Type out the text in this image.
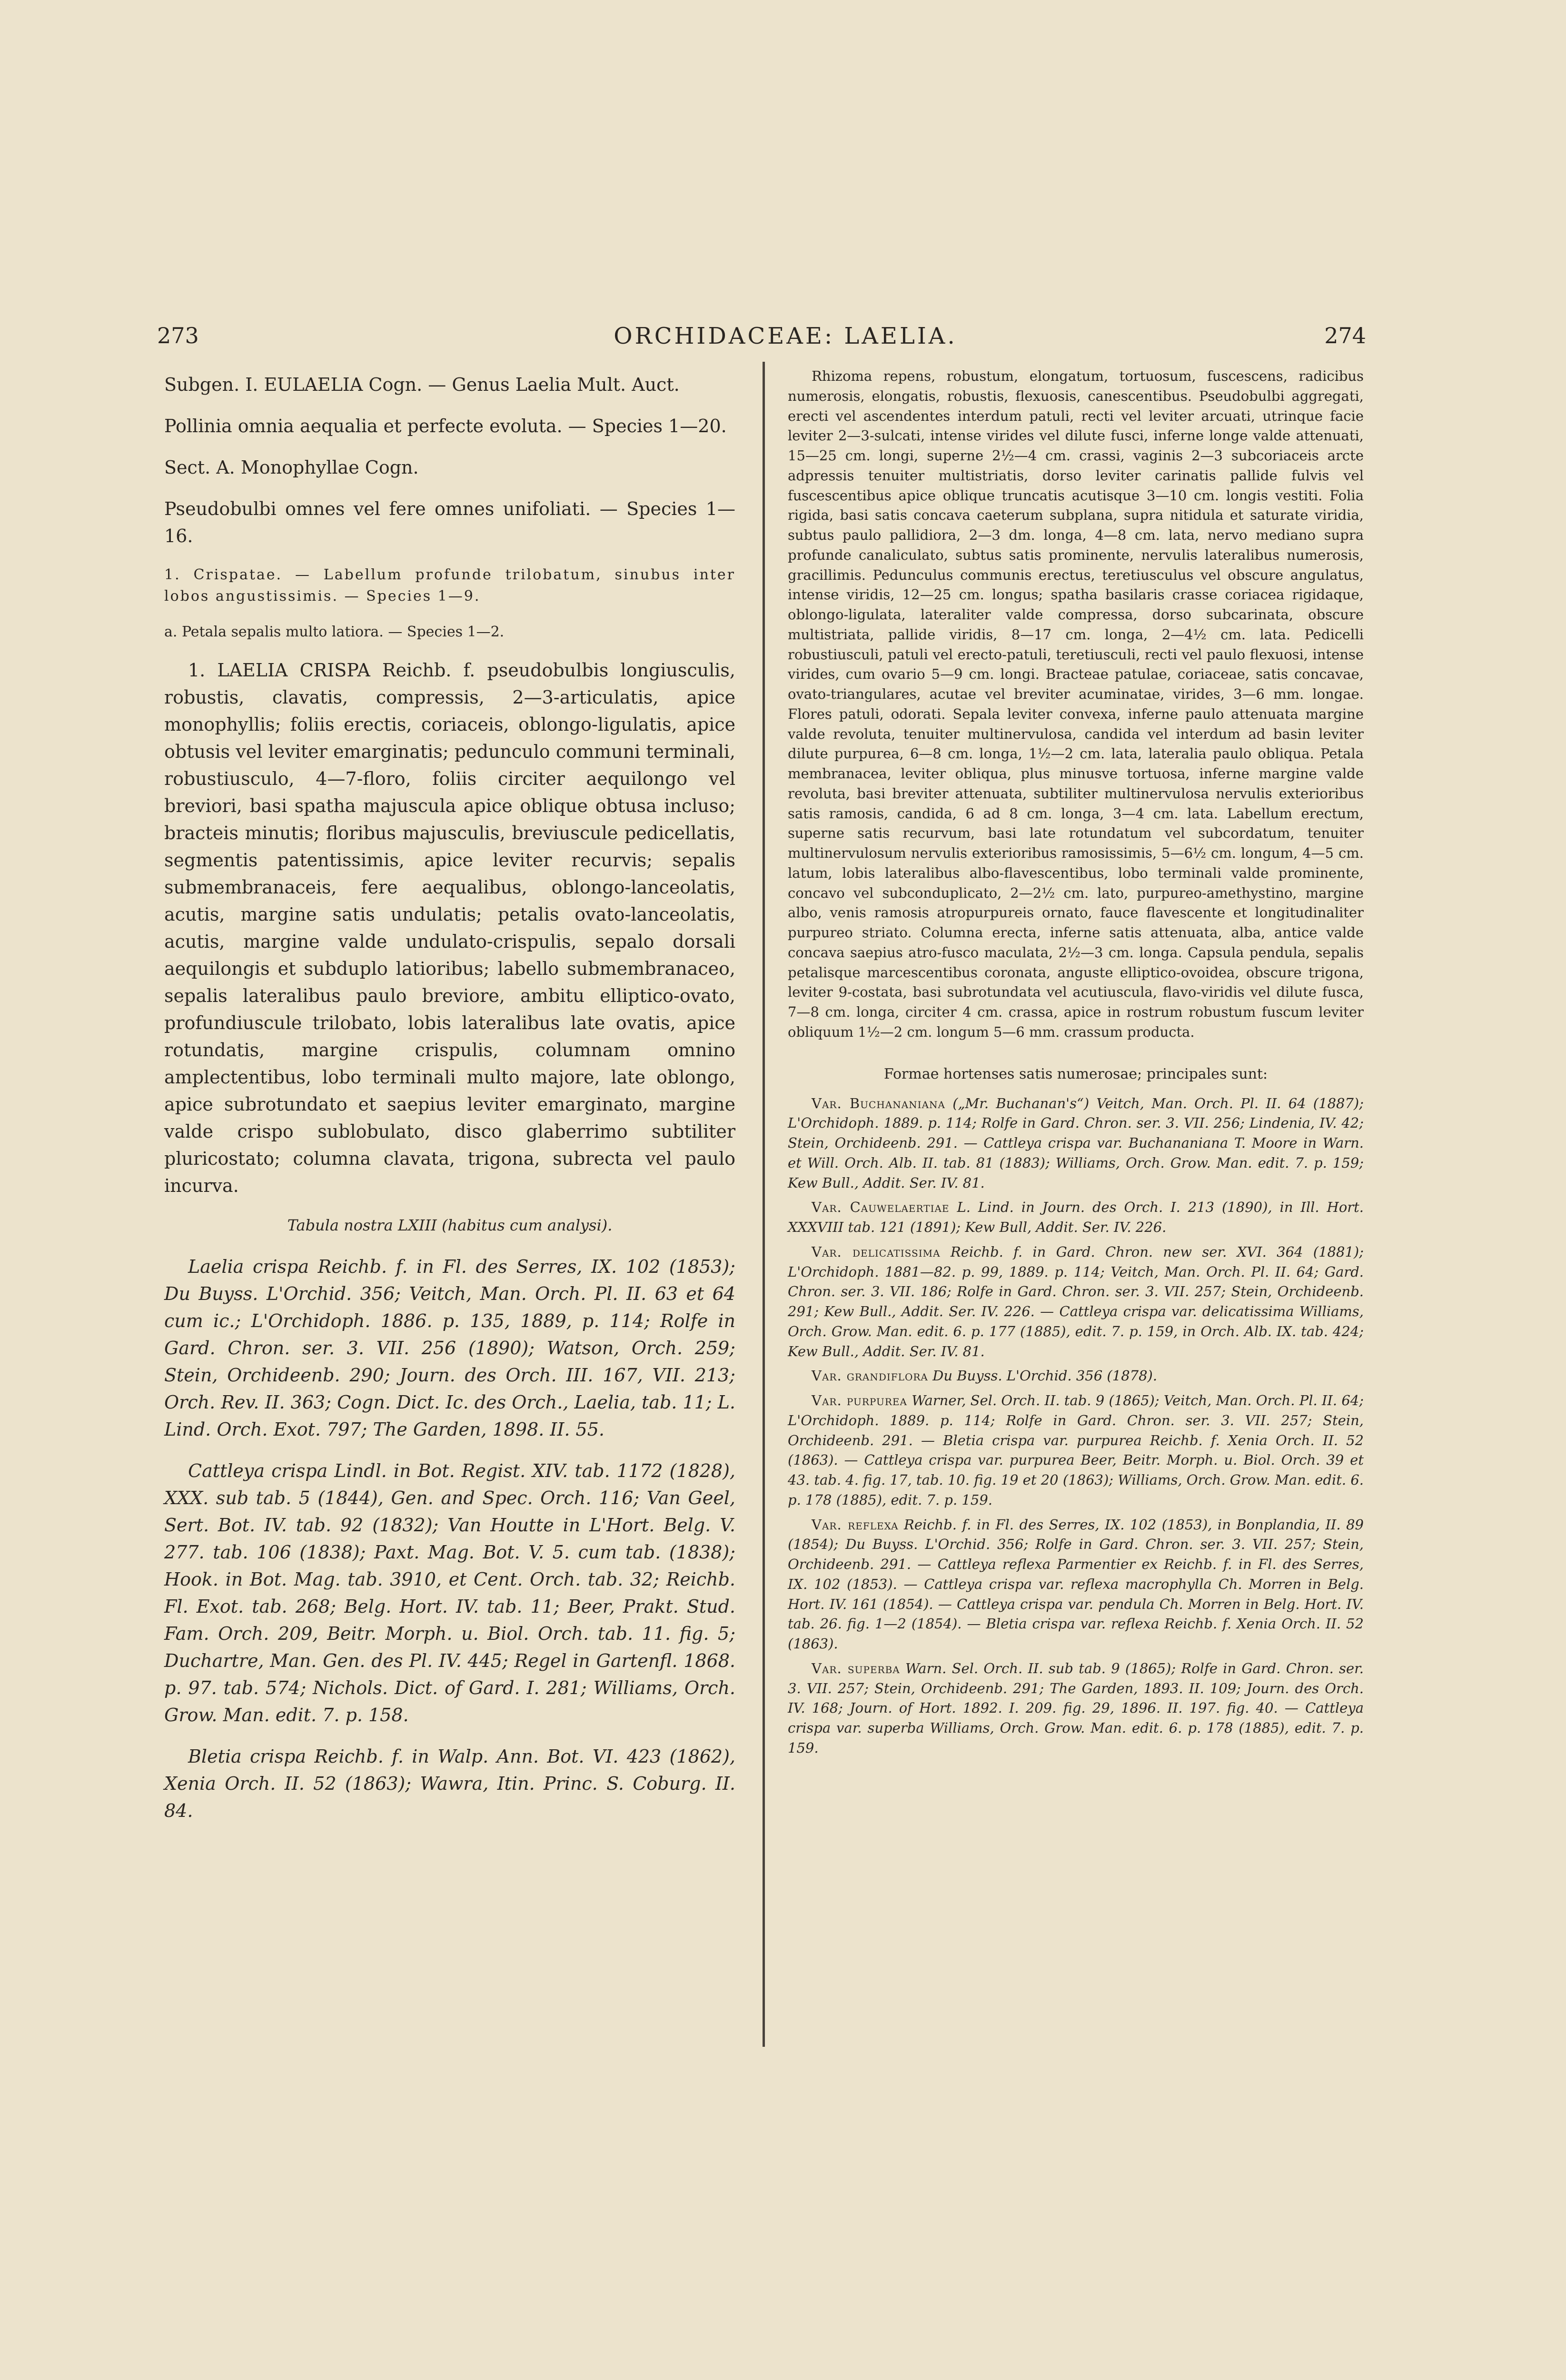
273	ORCHIDACEAE: LAELIA.	274

Subgen. I. EULAELIA Cogn. — Genus Laelia Mult. Auct.

Pollinia omnia aequalia et perfecte evoluta. — Species 1—20.

Sect. A. Monophyllae Cogn.

Pseudobulbi omnes vel fere omnes unifoliati. — Species 1—16.

1. Crispatae. — Labellum profunde trilobatum, sinubus inter lobos angustissimis. — Species 1—9.

a. Petala sepalis multo latiora. — Species 1—2.

1. LAELIA CRISPA Reichb. f. pseudobulbis longiusculis, robustis, clavatis, compressis, 2—3-articulatis, apice monophyllis; foliis erectis, coriaceis, oblongo-ligulatis, apice obtusis vel leviter emarginatis; pedunculo communi terminali, robustiusculo, 4—7-floro, foliis circiter aequilongo vel breviori, basi spatha majuscula apice oblique obtusa incluso; bracteis minutis; floribus majusculis, breviuscule pedicellatis, segmentis patentissimis, apice leviter recurvis; sepalis submembranaceis, fere aequalibus, oblongo-lanceolatis, acutis, margine satis undulatis; petalis ovato-lanceolatis, acutis, margine valde undulato-crispulis, sepalo dorsali aequilongis et subduplo latioribus; labello submembranaceo, sepalis lateralibus paulo breviore, ambitu elliptico-ovato, profundiuscule trilobato, lobis lateralibus late ovatis, apice rotundatis, margine crispulis, columnam omnino amplectentibus, lobo terminali multo majore, late oblongo, apice subrotundato et saepius leviter emarginato, margine valde crispo sublobulato, disco glaberrimo subtiliter pluricostato; columna clavata, trigona, subrecta vel paulo incurva.

Tabula nostra LXIII (habitus cum analysi).

Laelia crispa Reichb. f. in Fl. des Serres, IX. 102 (1853); Du Buyss. L'Orchid. 356; Veitch, Man. Orch. Pl. II. 63 et 64 cum ic.; L'Orchidoph. 1886. p. 135, 1889, p. 114; Rolfe in Gard. Chron. ser. 3. VII. 256 (1890); Watson, Orch. 259; Stein, Orchideenb. 290; Journ. des Orch. III. 167, VII. 213; Orch. Rev. II. 363; Cogn. Dict. Ic. des Orch., Laelia, tab. 11; L. Lind. Orch. Exot. 797; The Garden, 1898. II. 55.

Cattleya crispa Lindl. in Bot. Regist. XIV. tab. 1172 (1828), XXX. sub tab. 5 (1844), Gen. and Spec. Orch. 116; Van Geel, Sert. Bot. IV. tab. 92 (1832); Van Houtte in L'Hort. Belg. V. 277. tab. 106 (1838); Paxt. Mag. Bot. V. 5. cum tab. (1838); Hook. in Bot. Mag. tab. 3910, et Cent. Orch. tab. 32; Reichb. Fl. Exot. tab. 268; Belg. Hort. IV. tab. 11; Beer, Prakt. Stud. Fam. Orch. 209, Beitr. Morph. u. Biol. Orch. tab. 11. fig. 5; Duchartre, Man. Gen. des Pl. IV. 445; Regel in Gartenfl. 1868. p. 97. tab. 574; Nichols. Dict. of Gard. I. 281; Williams, Orch. Grow. Man. edit. 7. p. 158.

Bletia crispa Reichb. f. in Walp. Ann. Bot. VI. 423 (1862), Xenia Orch. II. 52 (1863); Wawra, Itin. Princ. S. Coburg. II. 84.

Rhizoma repens, robustum, elongatum, tortuosum, fuscescens, radicibus numerosis, elongatis, robustis, flexuosis, canescentibus. Pseudobulbi aggregati, erecti vel ascendentes interdum patuli, recti vel leviter arcuati, utrinque facie leviter 2—3-sulcati, intense virides vel dilute fusci, inferne longe valde attenuati, 15—25 cm. longi, superne 2½—4 cm. crassi, vaginis 2—3 subcoriaceis arcte adpressis tenuiter multistriatis, dorso leviter carinatis pallide fulvis vel fuscescentibus apice oblique truncatis acutisque 3—10 cm. longis vestiti. Folia rigida, basi satis concava caeterum subplana, supra nitidula et saturate viridia, subtus paulo pallidiora, 2—3 dm. longa, 4—8 cm. lata, nervo mediano supra profunde canaliculato, subtus satis prominente, nervulis lateralibus numerosis, gracillimis. Pedunculus communis erectus, teretiusculus vel obscure angulatus, intense viridis, 12—25 cm. longus; spatha basilaris crasse coriacea rigidaque, oblongo-ligulata, lateraliter valde compressa, dorso subcarinata, obscure multistriata, pallide viridis, 8—17 cm. longa, 2—4½ cm. lata. Pedicelli robustiusculi, patuli vel erecto-patuli, teretiusculi, recti vel paulo flexuosi, intense virides, cum ovario 5—9 cm. longi. Bracteae patulae, coriaceae, satis concavae, ovato-triangulares, acutae vel breviter acuminatae, virides, 3—6 mm. longae. Flores patuli, odorati. Sepala leviter convexa, inferne paulo attenuata margine valde revoluta, tenuiter multinervulosa, candida vel interdum ad basin leviter dilute purpurea, 6—8 cm. longa, 1½—2 cm. lata, lateralia paulo obliqua. Petala membranacea, leviter obliqua, plus minusve tortuosa, inferne margine valde revoluta, basi breviter attenuata, subtiliter multinervulosa nervulis exterioribus satis ramosis, candida, 6 ad 8 cm. longa, 3—4 cm. lata. Labellum erectum, superne satis recurvum, basi late rotundatum vel subcordatum, tenuiter multinervulosum nervulis exterioribus ramosissimis, 5—6½ cm. longum, 4—5 cm. latum, lobis lateralibus albo-flavescentibus, lobo terminali valde prominente, concavo vel subconduplicato, 2—2½ cm. lato, purpureo-amethystino, margine albo, venis ramosis atropurpureis ornato, fauce flavescente et longitudinaliter purpureo striato. Columna erecta, inferne satis attenuata, alba, antice valde concava saepius atro-fusco maculata, 2½—3 cm. longa. Capsula pendula, sepalis petalisque marcescentibus coronata, anguste elliptico-ovoidea, obscure trigona, leviter 9-costata, basi subrotundata vel acutiuscula, flavo-viridis vel dilute fusca, 7—8 cm. longa, circiter 4 cm. crassa, apice in rostrum robustum fuscum leviter obliquum 1½—2 cm. longum 5—6 mm. crassum producta.

Formae hortenses satis numerosae; principales sunt:

Var. Buchananiana („Mr. Buchanan's“) Veitch, Man. Orch. Pl. II. 64 (1887); L'Orchidoph. 1889. p. 114; Rolfe in Gard. Chron. ser. 3. VII. 256; Lindenia, IV. 42; Stein, Orchideenb. 291. — Cattleya crispa var. Buchananiana T. Moore in Warn. et Will. Orch. Alb. II. tab. 81 (1883); Williams, Orch. Grow. Man. edit. 7. p. 159; Kew Bull., Addit. Ser. IV. 81.

Var. Cauwelaertiae L. Lind. in Journ. des Orch. I. 213 (1890), in Ill. Hort. XXXVIII tab. 121 (1891); Kew Bull, Addit. Ser. IV. 226.

Var. delicatissima Reichb. f. in Gard. Chron. new ser. XVI. 364 (1881); L'Orchidoph. 1881—82. p. 99, 1889. p. 114; Veitch, Man. Orch. Pl. II. 64; Gard. Chron. ser. 3. VII. 186; Rolfe in Gard. Chron. ser. 3. VII. 257; Stein, Orchideenb. 291; Kew Bull., Addit. Ser. IV. 226. — Cattleya crispa var. delicatissima Williams, Orch. Grow. Man. edit. 6. p. 177 (1885), edit. 7. p. 159, in Orch. Alb. IX. tab. 424; Kew Bull., Addit. Ser. IV. 81.

Var. grandiflora Du Buyss. L'Orchid. 356 (1878).

Var. purpurea Warner, Sel. Orch. II. tab. 9 (1865); Veitch, Man. Orch. Pl. II. 64; L'Orchidoph. 1889. p. 114; Rolfe in Gard. Chron. ser. 3. VII. 257; Stein, Orchideenb. 291. — Bletia crispa var. purpurea Reichb. f. Xenia Orch. II. 52 (1863). — Cattleya crispa var. purpurea Beer, Beitr. Morph. u. Biol. Orch. 39 et 43. tab. 4. fig. 17, tab. 10. fig. 19 et 20 (1863); Williams, Orch. Grow. Man. edit. 6. p. 178 (1885), edit. 7. p. 159.

Var. reflexa Reichb. f. in Fl. des Serres, IX. 102 (1853), in Bonplandia, II. 89 (1854); Du Buyss. L'Orchid. 356; Rolfe in Gard. Chron. ser. 3. VII. 257; Stein, Orchideenb. 291. — Cattleya reflexa Parmentier ex Reichb. f. in Fl. des Serres, IX. 102 (1853). — Cattleya crispa var. reflexa macrophylla Ch. Morren in Belg. Hort. IV. 161 (1854). — Cattleya crispa var. pendula Ch. Morren in Belg. Hort. IV. tab. 26. fig. 1—2 (1854). — Bletia crispa var. reflexa Reichb. f. Xenia Orch. II. 52 (1863).

Var. superba Warn. Sel. Orch. II. sub tab. 9 (1865); Rolfe in Gard. Chron. ser. 3. VII. 257; Stein, Orchideenb. 291; The Garden, 1893. II. 109; Journ. des Orch. IV. 168; Journ. of Hort. 1892. I. 209. fig. 29, 1896. II. 197. fig. 40. — Cattleya crispa var. superba Williams, Orch. Grow. Man. edit. 6. p. 178 (1885), edit. 7. p. 159.
